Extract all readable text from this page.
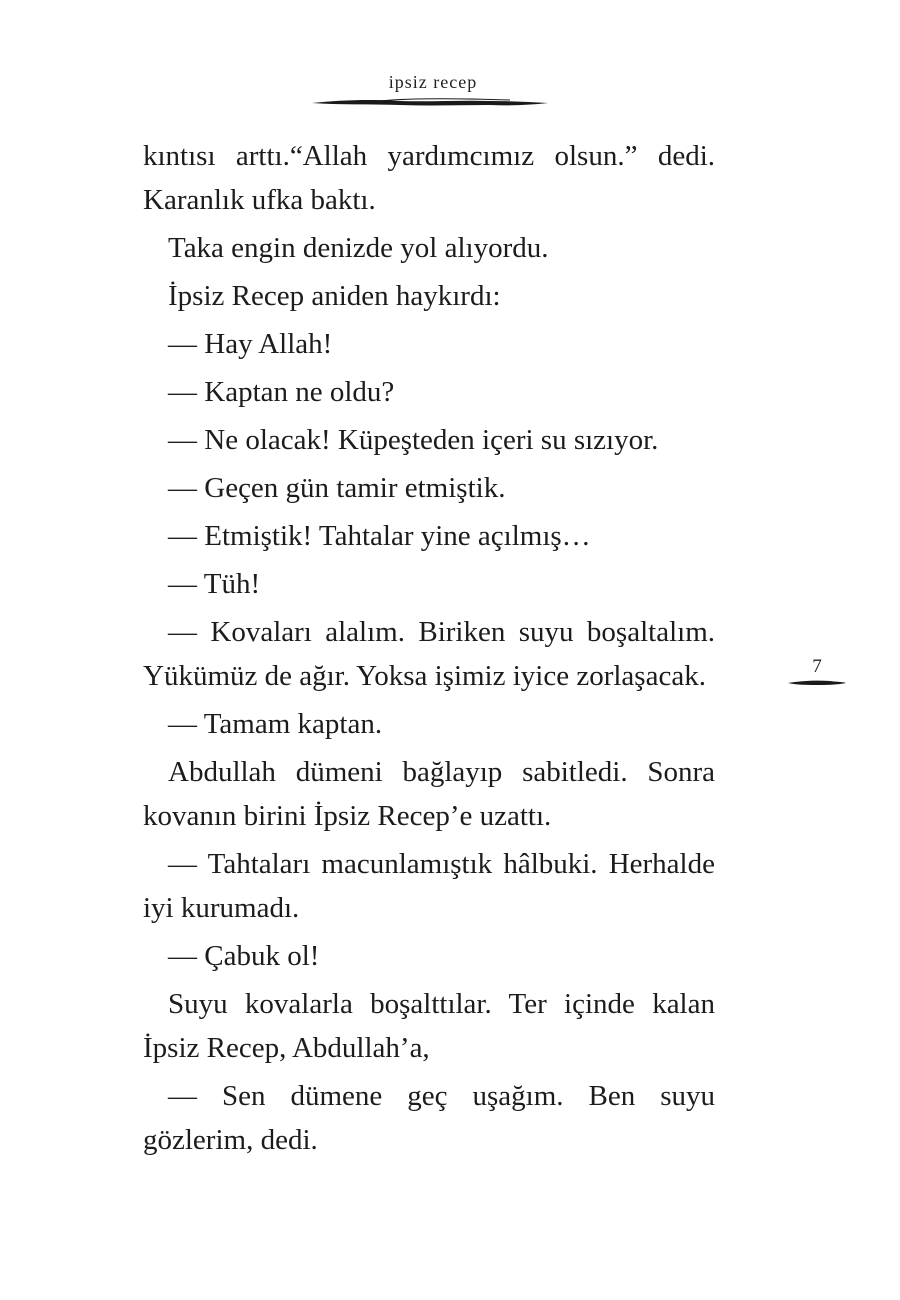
ipsiz recep

kıntısı arttı.“Allah yardımcımız olsun.” dedi. Karanlık ufka baktı.

Taka engin denizde yol alıyordu.

İpsiz Recep aniden haykırdı:

— Hay Allah!

— Kaptan ne oldu?

— Ne olacak! Küpeşteden içeri su sızıyor.

— Geçen gün tamir etmiştik.

— Etmiştik! Tahtalar yine açılmış…

— Tüh!

— Kovaları alalım. Biriken suyu boşaltalım. Yükümüz de ağır. Yoksa işimiz iyice zorlaşacak.

— Tamam kaptan.

Abdullah dümeni bağlayıp sabitledi. Sonra kovanın birini İpsiz Recep’e uzattı.

— Tahtaları macunlamıştık hâlbuki. Herhalde iyi kurumadı.

— Çabuk ol!

Suyu kovalarla boşalttılar. Ter içinde kalan İpsiz Recep, Abdullah’a,

— Sen dümene geç uşağım. Ben suyu gözlerim, dedi.

7
